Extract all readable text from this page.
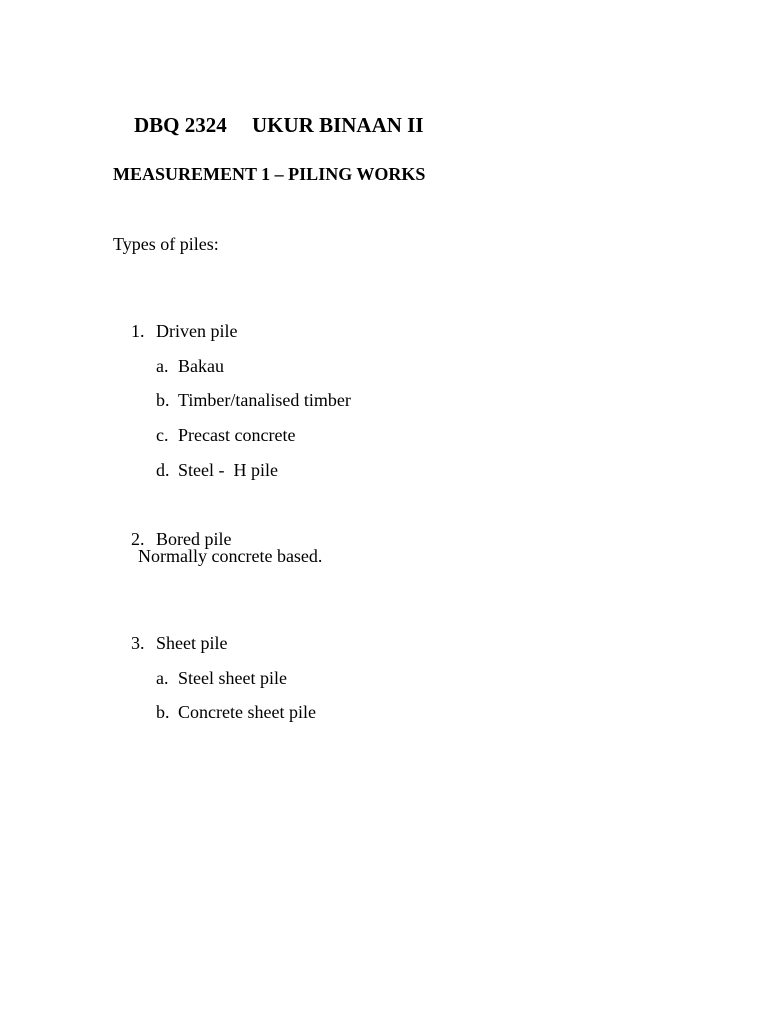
DBQ 2324 UKUR BINAAN II

MEASUREMENT 1 – PILING WORKS
Types of piles:

1. Driven pile

a. Bakau

b. Timber/tanalised timber

c. Precast concrete

d. Steel -  H pile

2. Bored pile

Normally concrete based.

3. Sheet pile

a. Steel sheet pile

b. Concrete sheet pile
